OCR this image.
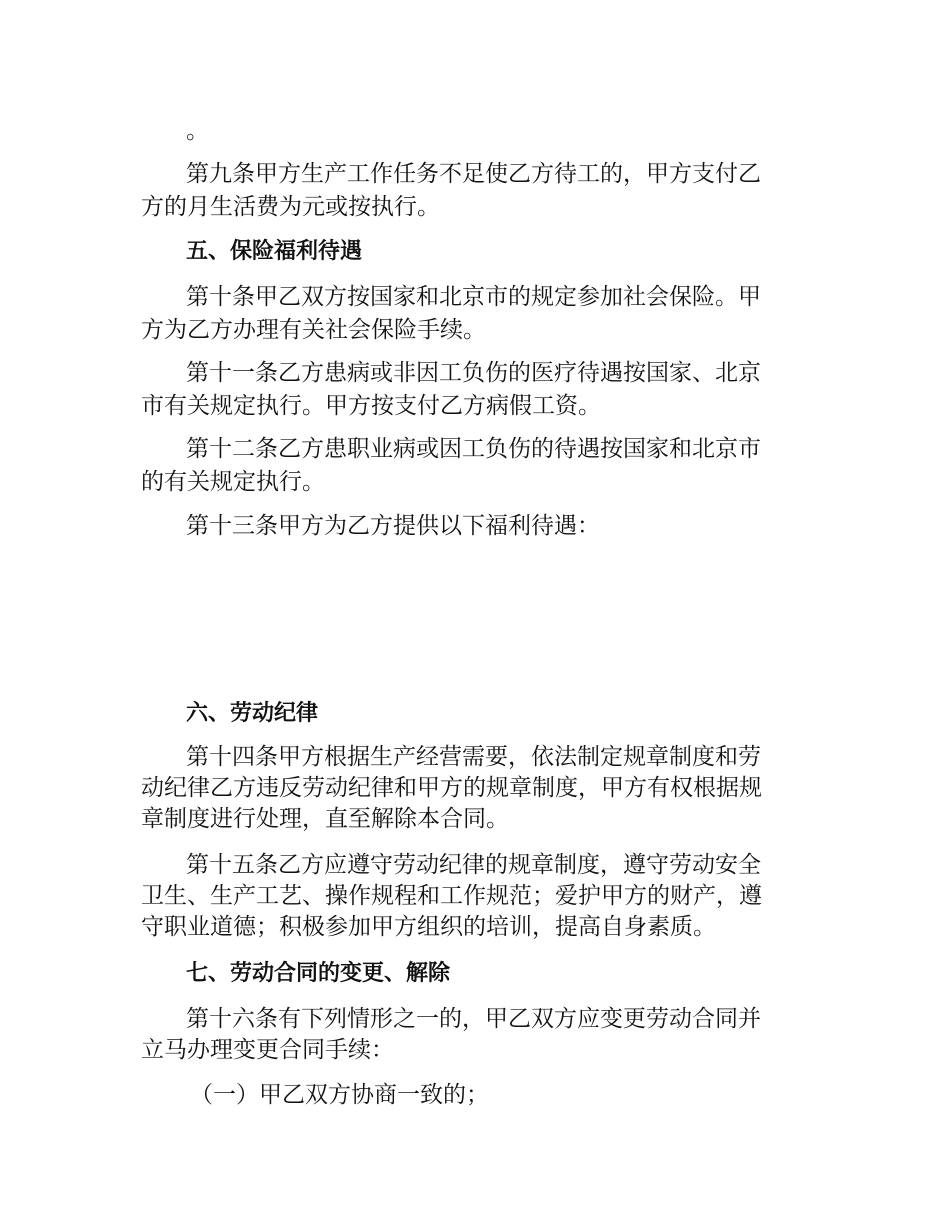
。

第九条甲方生产工作任务不足使乙方待工的，甲方支付乙

方的月生活费为元或按执行。

五、保险福利待遇

第十条甲乙双方按国家和北京市的规定参加社会保险。甲

方为乙方办理有关社会保险手续。

第十一条乙方患病或非因工负伤的医疗待遇按国家、北京

市有关规定执行。甲方按支付乙方病假工资。

第十二条乙方患职业病或因工负伤的待遇按国家和北京市

的有关规定执行。

第十三条甲方为乙方提供以下福利待遇：

六、劳动纪律

第十四条甲方根据生产经营需要，依法制定规章制度和劳

动纪律乙方违反劳动纪律和甲方的规章制度，甲方有权根据规

章制度进行处理，直至解除本合同。

第十五条乙方应遵守劳动纪律的规章制度，遵守劳动安全

卫生、生产工艺、操作规程和工作规范；爱护甲方的财产，遵

守职业道德；积极参加甲方组织的培训，提高自身素质。

七、劳动合同的变更、解除

第十六条有下列情形之一的，甲乙双方应变更劳动合同并

立马办理变更合同手续：

（一）甲乙双方协商一致的；
